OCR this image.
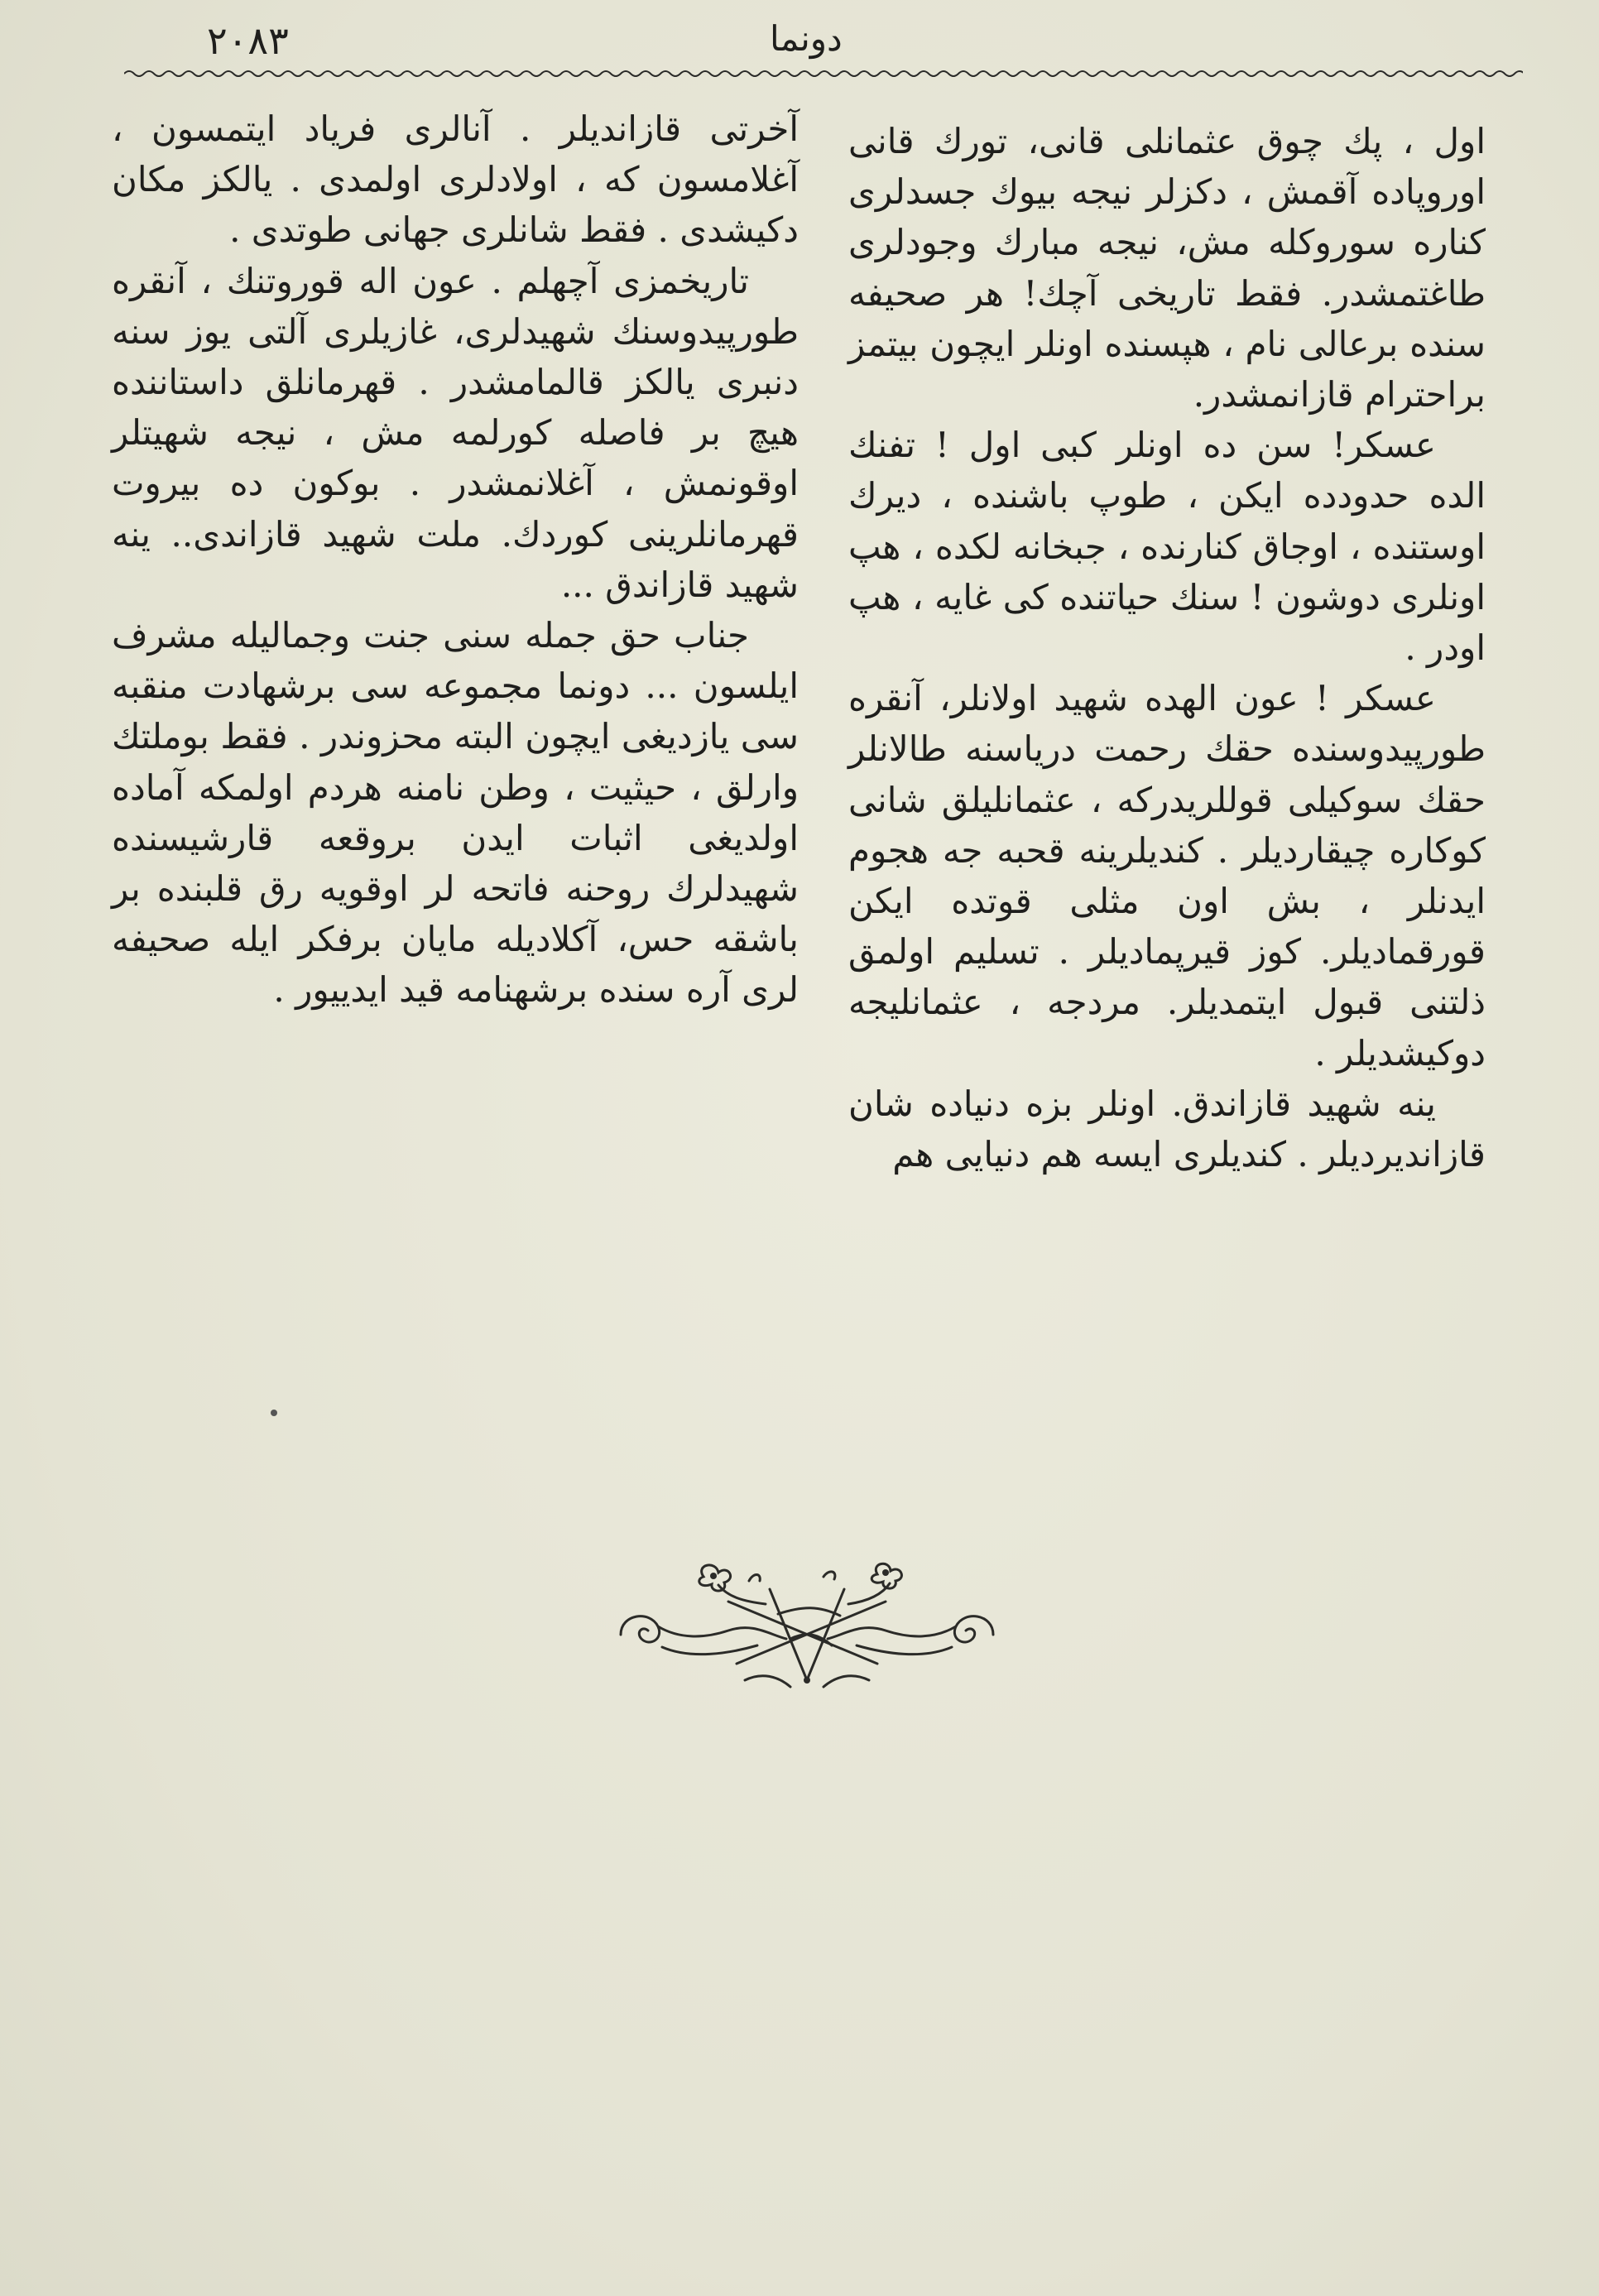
۲۰۸۳	دونما

اول ، پك چوق عثمانلی قانی، تورك قانی اوروپاده آقمش ، دكزلر نيجه بيوك جسدلری كناره سوروكله مش، نيجه مبارك وجودلری طاغتمشدر. فقط تاريخی آچك! هر صحيفه سنده برعالی نام ، هپسنده اونلر ايچون بيتمز براحترام قازانمشدر.

عسكر! سن ده اونلر كبی اول ! تفنك الده حدودده ايكن ، طوپ باشنده ، ديرك اوستنده ، اوجاق كنارنده ، جبخانه لكده ، هپ اونلری دوشون ! سنك حياتنده كی غايه ، هپ اودر .

عسكر ! عون الهده شهيد اولانلر، آنقره طورپيدوسنده حقك رحمت درياسنه طالانلر حقك سوكيلی قوللريدركه ، عثمانليلق شانی كوكاره چيقارديلر . كنديلرينه قحبه جه هجوم ايدنلر ، بش اون مثلی قوتده ايكن قورقماديلر. كوز قيرپماديلر . تسليم اولمق ذلتنی قبول ايتمديلر. مردجه ، عثمانليجه دوكيشديلر .

ينه شهيد قازاندق. اونلر بزه دنياده شان قازانديرديلر . كنديلری ايسه هم دنيايی هم

آخرتی قازانديلر . آنالری فرياد ايتمسون ، آغلامسون كه ، اولادلری اولمدی . يالكز مكان دكيشدی . فقط شانلری جهانی طوتدی .

تاريخمزی آچهلم . عون اله قوروتنك ، آنقره طورپيدوسنك شهيدلری، غازيلری آلتی يوز سنه دنبری يالكز قالمامشدر . قهرمانلق داستاننده هيچ بر فاصله كورلمه مش ، نيجه شهيتلر اوقونمش ، آغلانمشدر . بوكون ده بيروت قهرمانلرينی كوردك. ملت شهيد قازاندی.. ينه شهيد قازاندق ...

جناب حق جمله سنی جنت وجماليله مشرف ايلسون ... دونما مجموعه سی برشهادت منقبه سی يازديغی ايچون البته محزوندر . فقط بوملتك وارلق ، حيثيت ، وطن نامنه هردم اولمكه آماده اولديغی اثبات ايدن بروقعه قارشيسنده شهيدلرك روحنه فاتحه لر اوقويه رق قلبنده بر باشقه حس، آكلاديله مايان برفكر ايله صحيفه لری آره سنده برشهنامه قيد ايدييور .
